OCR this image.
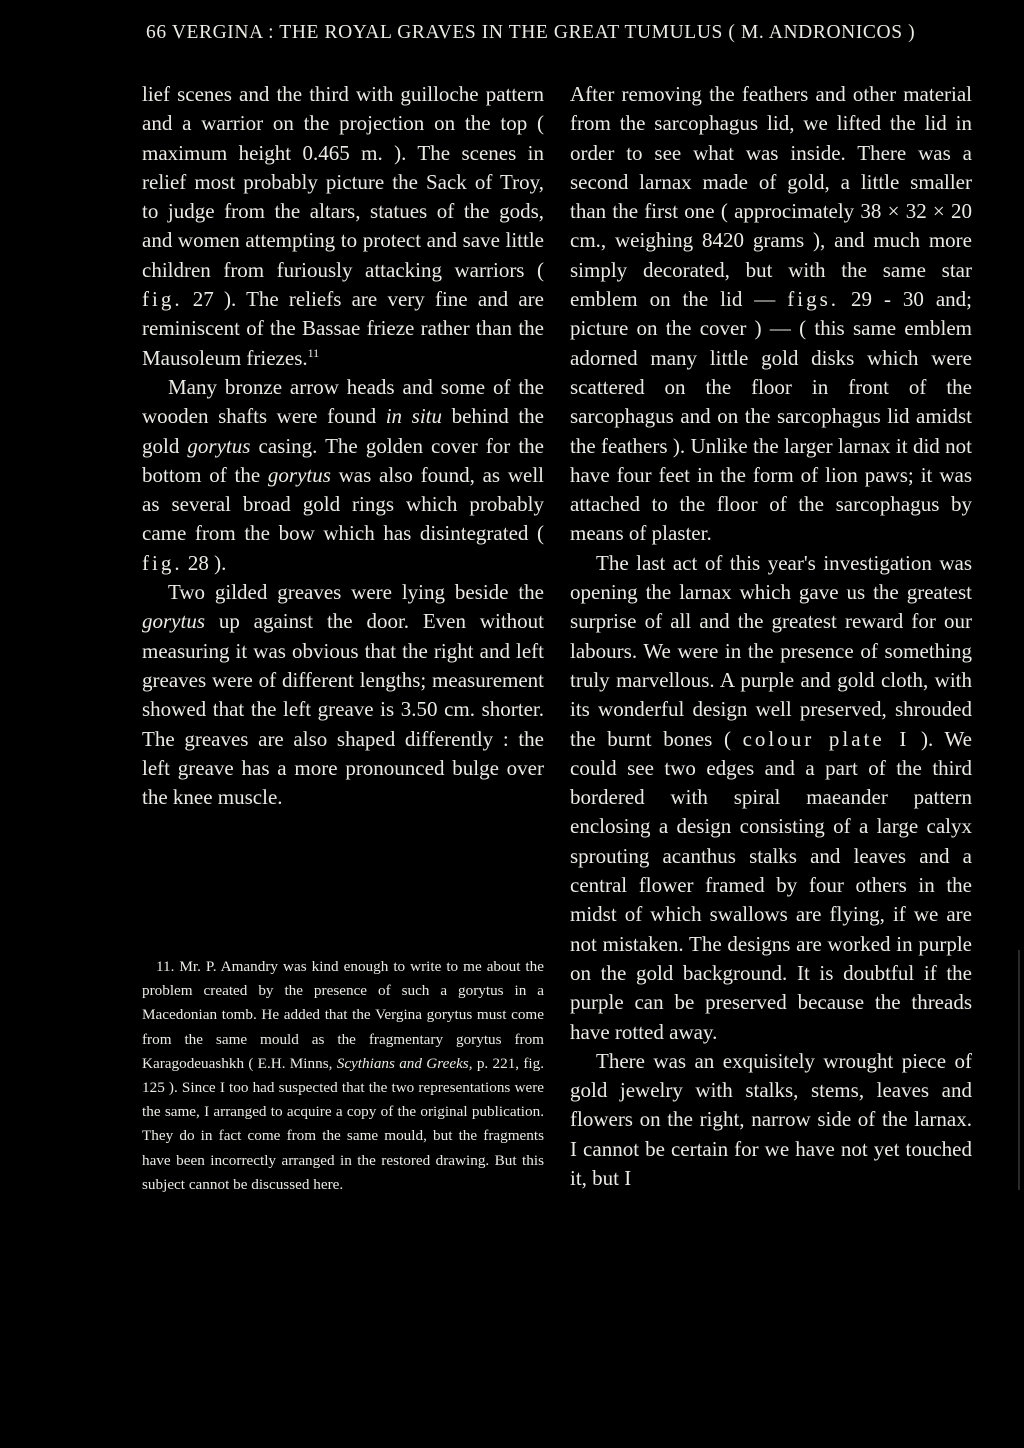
66 VERGINA : THE ROYAL GRAVES IN THE GREAT TUMULUS ( M. ANDRONICOS )

lief scenes and the third with guilloche pattern and a warrior on the projection on the top ( maximum height 0.465 m. ). The scenes in relief most probably picture the Sack of Troy, to judge from the altars, statues of the gods, and women attempting to protect and save little children from furiously attacking warriors ( fig. 27 ). The reliefs are very fine and are reminiscent of the Bassae frieze rather than the Mausoleum friezes.$^{11}$

Many bronze arrow heads and some of the wooden shafts were found in situ behind the gold gorytus casing. The golden cover for the bottom of the gorytus was also found, as well as several broad gold rings which probably came from the bow which has disintegrated ( fig. 28 ).

Two gilded greaves were lying beside the gorytus up against the door. Even without measuring it was obvious that the right and left greaves were of different lengths; measurement showed that the left greave is 3.50 cm. shorter. The greaves are also shaped differently : the left greave has a more pronounced bulge over the knee muscle.

11. Mr. P. Amandry was kind enough to write to me about the problem created by the presence of such a gorytus in a Macedonian tomb. He added that the Vergina gorytus must come from the same mould as the fragmentary gorytus from Karagodeuashkh ( E.H. Minns, Scythians and Greeks, p. 221, fig. 125 ). Since I too had suspected that the two representations were the same, I arranged to acquire a copy of the original publication. They do in fact come from the same mould, but the fragments have been incorrectly arranged in the restored drawing. But this subject cannot be discussed here.

After removing the feathers and other material from the sarcophagus lid, we lifted the lid in order to see what was inside. There was a second larnax made of gold, a little smaller than the first one ( approcimately 38 × 32 × 20 cm., weighing 8420 grams ), and much more simply decorated, but with the same star emblem on the lid — figs. 29 - 30 and; picture on the cover ) — ( this same emblem adorned many little gold disks which were scattered on the floor in front of the sarcophagus and on the sarcophagus lid amidst the feathers ). Unlike the larger larnax it did not have four feet in the form of lion paws; it was attached to the floor of the sarcophagus by means of plaster.

The last act of this year's investigation was opening the larnax which gave us the greatest surprise of all and the greatest reward for our labours. We were in the presence of something truly marvellous. A purple and gold cloth, with its wonderful design well preserved, shrouded the burnt bones ( colour plate I ). We could see two edges and a part of the third bordered with spiral maeander pattern enclosing a design consisting of a large calyx sprouting acanthus stalks and leaves and a central flower framed by four others in the midst of which swallows are flying, if we are not mistaken. The designs are worked in purple on the gold background. It is doubtful if the purple can be preserved because the threads have rotted away.

There was an exquisitely wrought piece of gold jewelry with stalks, stems, leaves and flowers on the right, narrow side of the larnax. I cannot be certain for we have not yet touched it, but I
